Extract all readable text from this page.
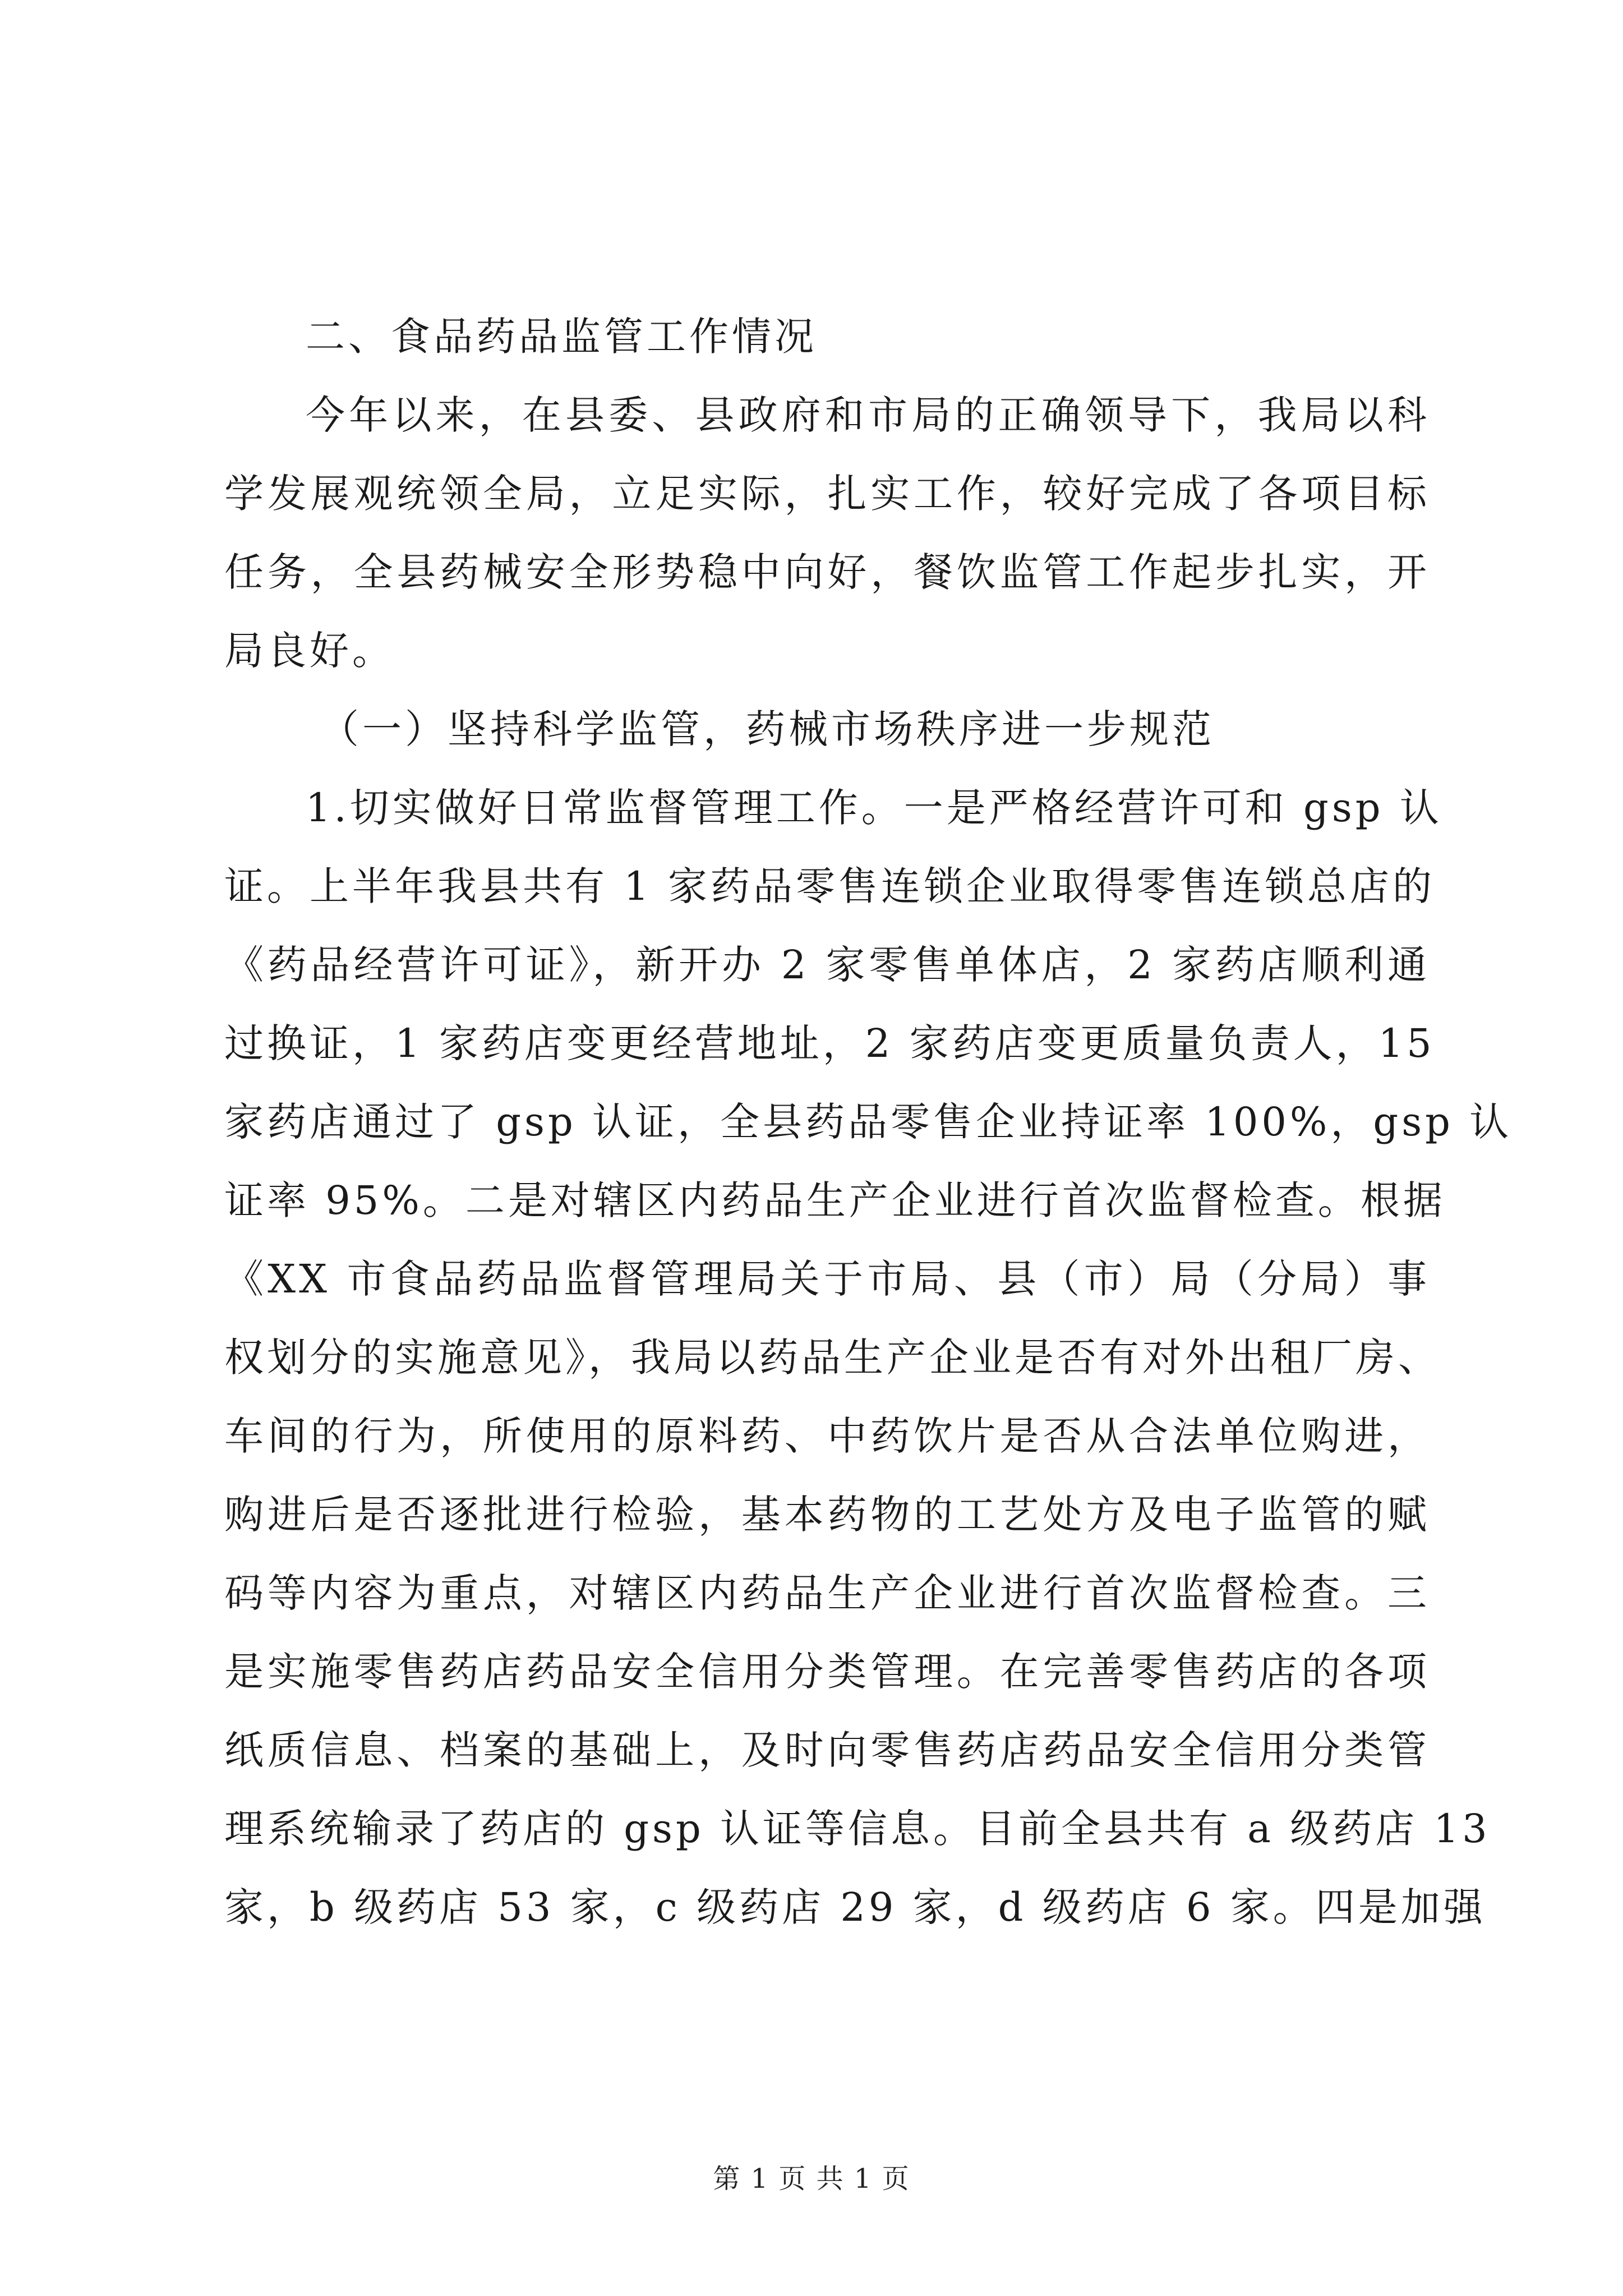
二、食品药品监管工作情况
今年以来，在县委、县政府和市局的正确领导下，我局以科
学发展观统领全局，立足实际，扎实工作，较好完成了各项目标
任务，全县药械安全形势稳中向好，餐饮监管工作起步扎实，开
局良好。
（一）坚持科学监管，药械市场秩序进一步规范
1.切实做好日常监督管理工作。一是严格经营许可和 gsp 认
证。上半年我县共有 1 家药品零售连锁企业取得零售连锁总店的
《药品经营许可证》，新开办 2 家零售单体店，2 家药店顺利通
过换证，1 家药店变更经营地址，2 家药店变更质量负责人，15
家药店通过了 gsp 认证，全县药品零售企业持证率 100%，gsp 认
证率 95%。二是对辖区内药品生产企业进行首次监督检查。根据
《XX 市食品药品监督管理局关于市局、县（市）局（分局）事
权划分的实施意见》，我局以药品生产企业是否有对外出租厂房、
车间的行为，所使用的原料药、中药饮片是否从合法单位购进，
购进后是否逐批进行检验，基本药物的工艺处方及电子监管的赋
码等内容为重点，对辖区内药品生产企业进行首次监督检查。三
是实施零售药店药品安全信用分类管理。在完善零售药店的各项
纸质信息、档案的基础上，及时向零售药店药品安全信用分类管
理系统输录了药店的 gsp 认证等信息。目前全县共有 a 级药店 13
家，b 级药店 53 家，c 级药店 29 家，d 级药店 6 家。四是加强
第 1 页 共 1 页
